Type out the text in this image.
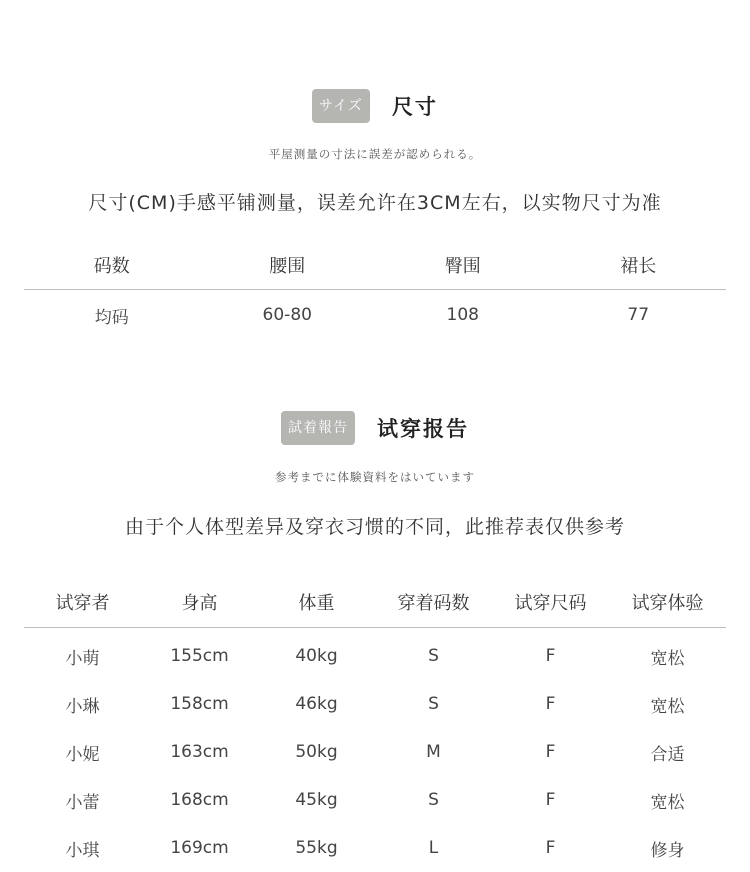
サイズ	尺寸
平屋测量の寸法に誤差が認められる。
尺寸(CM)手感平铺测量，误差允许在3CM左右，以实物尺寸为准
码数	腰围	臀围	裙长
均码	60-80	108	77
試着報告	试穿报告
参考までに体験資料をはいています
由于个人体型差异及穿衣习惯的不同，此推荐表仅供参考
试穿者	身高	体重	穿着码数	试穿尺码	试穿体验
小萌	155cm	40kg	S	F	宽松
小琳	158cm	46kg	S	F	宽松
小妮	163cm	50kg	M	F	合适
小蕾	168cm	45kg	S	F	宽松
小琪	169cm	55kg	L	F	修身
